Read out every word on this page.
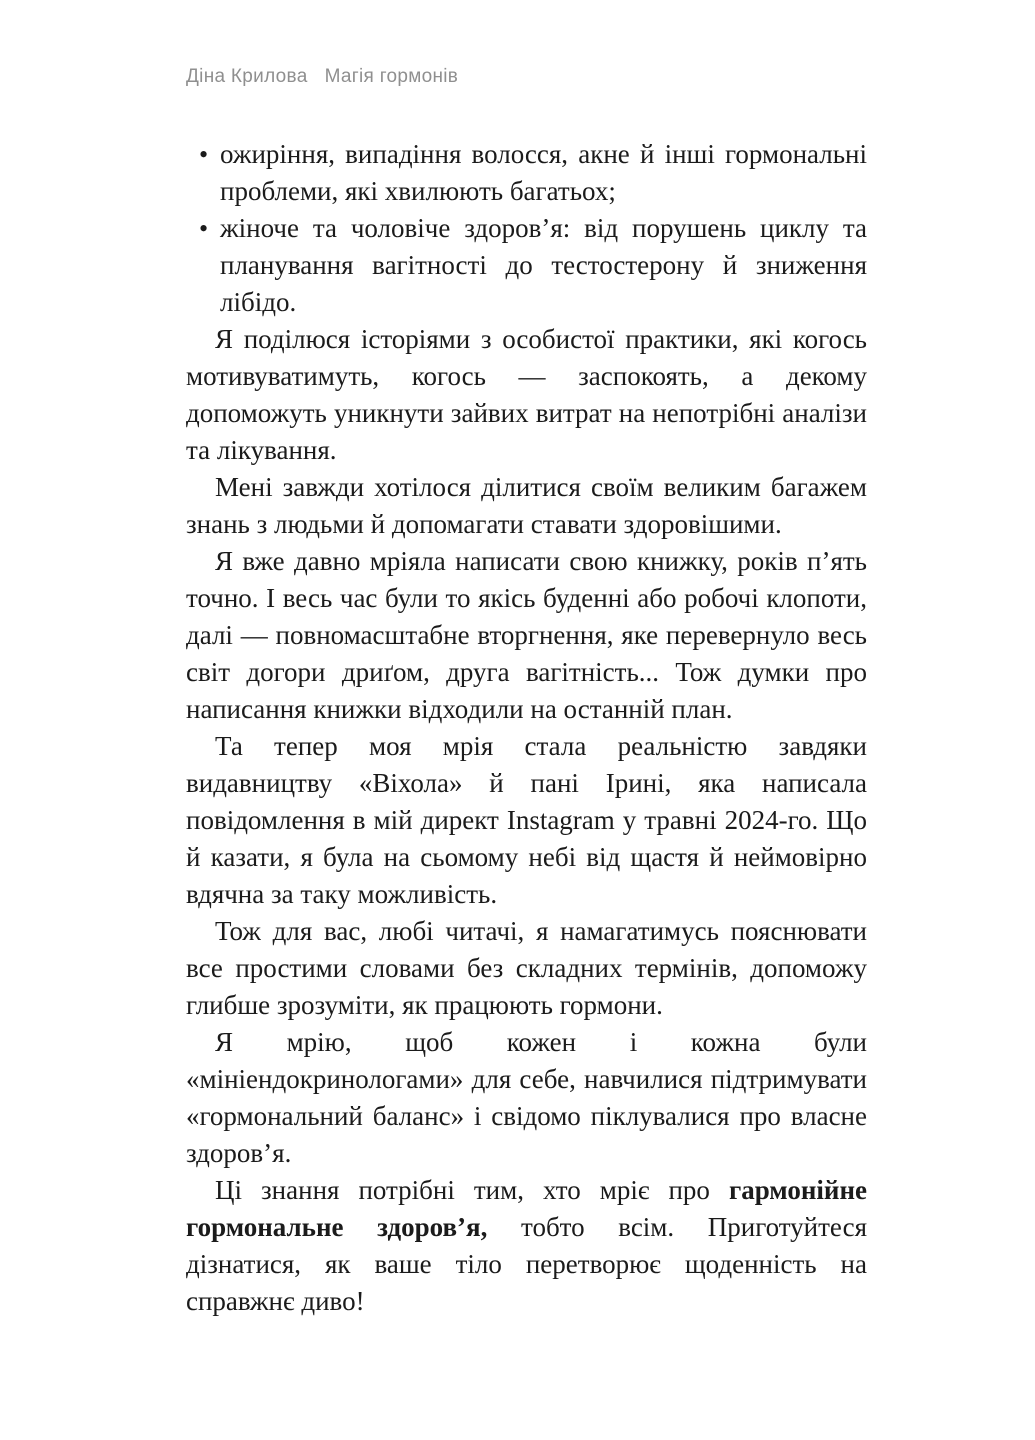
Діна Крилова Магія гормонів
• ожиріння, випадіння волосся, акне й інші гормональні проблеми, які хвилюють багатьох;
• жіноче та чоловіче здоров’я: від порушень циклу та планування вагітності до тестостерону й зниження лібідо.

Я поділюся історіями з особистої практики, які когось мотивуватимуть, когось — заспокоять, а декому допоможуть уникнути зайвих витрат на непотрібні аналізи та лікування.

Мені завжди хотілося ділитися своїм великим багажем знань з людьми й допомагати ставати здоровішими.

Я вже давно мріяла написати свою книжку, років п’ять точно. І весь час були то якісь буденні або робочі клопоти, далі — повномасштабне вторгнення, яке перевернуло весь світ догори дриґом, друга вагітність... Тож думки про написання книжки відходили на останній план.

Та тепер моя мрія стала реальністю завдяки видавництву «Віхола» й пані Ірині, яка написала повідомлення в мій директ Instagram у травні 2024-го. Що й казати, я була на сьомому небі від щастя й неймовірно вдячна за таку можливість.

Тож для вас, любі читачі, я намагатимусь пояснювати все простими словами без складних термінів, допоможу глибше зрозуміти, як працюють гормони.

Я мрію, щоб кожен і кожна були «мініендокринологами» для себе, навчилися підтримувати «гормональний баланс» і свідомо піклувалися про власне здоров’я.

Ці знання потрібні тим, хто мріє про гармонійне гормональне здоров’я, тобто всім. Приготуйтеся дізнатися, як ваше тіло перетворює щоденність на справжнє диво!
